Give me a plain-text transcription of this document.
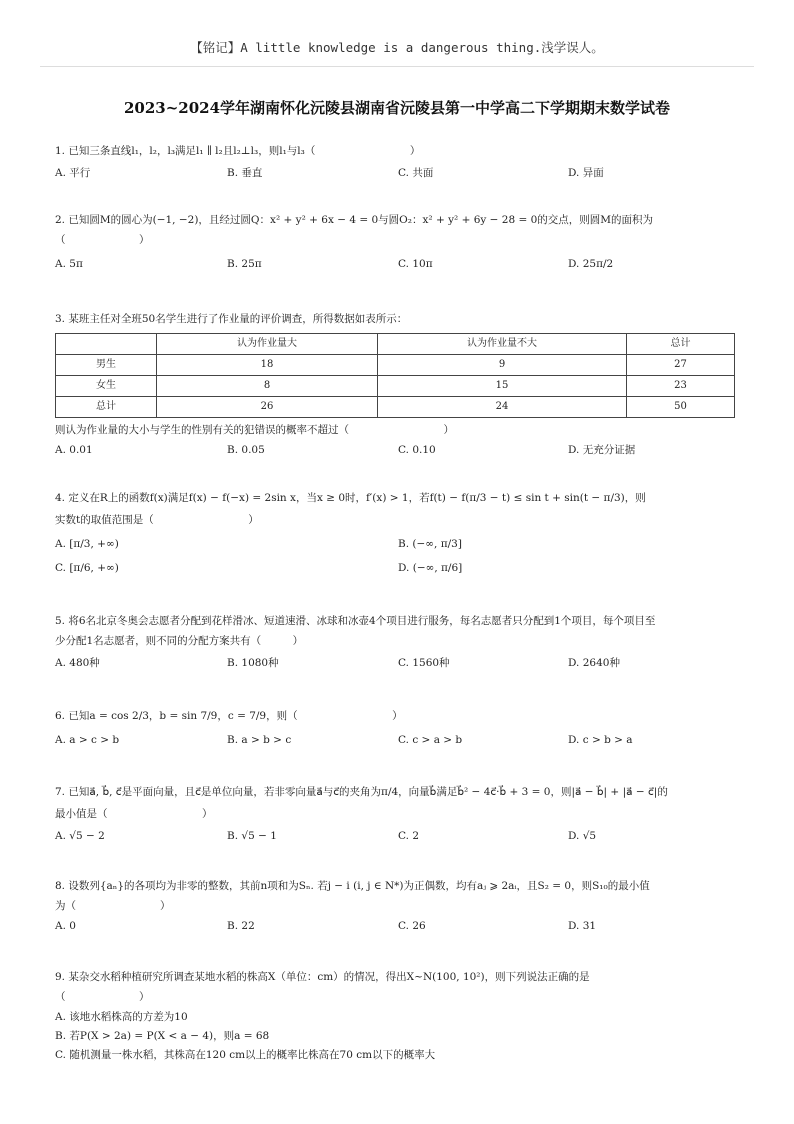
【铭记】A little knowledge is a dangerous thing.浅学误人。
2023~2024学年湖南怀化沅陵县湖南省沅陵县第一中学高二下学期期末数学试卷

1. 已知三条直线l₁，l₂，l₃满足l₁ ∥ l₂且l₂⊥l₃，则l₁与l₃（　　　　　　　　　）

A. 平行	B. 垂直	C. 共面	D. 异面

2. 已知圆M的圆心为(−1, −2)，且经过圆Q：x² + y² + 6x − 4 = 0与圆O₂：x² + y² + 6y − 28 = 0的交点，则圆M的面积为

（　　　　　　　）

A. 5π	B. 25π	C. 10π	D. 25π/2

3. 某班主任对全班50名学生进行了作业量的评价调查，所得数据如表所示：

	认为作业量大	认为作业量不大	总计
男生	18	9	27
女生	8	15	23
总计	26	24	50

则认为作业量的大小与学生的性别有关的犯错误的概率不超过（　　　　　　　　　）

A. 0.01	B. 0.05	C. 0.10	D. 无充分证据

4. 定义在R上的函数f(x)满足f(x) − f(−x) = 2sin x，当x ≥ 0时，f′(x) > 1，若f(t) − f(π/3 − t) ≤ sin t + sin(t − π/3)，则

实数t的取值范围是（　　　　　　　　　）

A. [π/3, +∞)	B. (−∞, π/3]
C. [π/6, +∞)	D. (−∞, π/6]

5. 将6名北京冬奥会志愿者分配到花样滑冰、短道速滑、冰球和冰壶4个项目进行服务，每名志愿者只分配到1个项目，每个项目至

少分配1名志愿者，则不同的分配方案共有（　　　）

A. 480种	B. 1080种	C. 1560种	D. 2640种

6. 已知a = cos 2/3，b = sin 7/9，c = 7/9，则（　　　　　　　　　）

A. a > c > b	B. a > b > c	C. c > a > b	D. c > b > a

7. 已知a⃗, b⃗, c⃗是平面向量，且c⃗是单位向量，若非零向量a⃗与c⃗的夹角为π/4，向量b⃗满足b⃗² − 4c⃗·b⃗ + 3 = 0，则|a⃗ − b⃗| + |a⃗ − c⃗|的

最小值是（　　　　　　　　　）

A. √5 − 2	B. √5 − 1	C. 2	D. √5

8. 设数列{aₙ}的各项均为非零的整数，其前n项和为Sₙ. 若j − i (i, j ∈ N*)为正偶数，均有aⱼ ⩾ 2aᵢ，且S₂ = 0，则S₁₀的最小值

为（　　　　　　　　）

A. 0	B. 22	C. 26	D. 31

9. 某杂交水稻种植研究所调查某地水稻的株高X（单位：cm）的情况，得出X~N(100, 10²)，则下列说法正确的是

（　　　　　　　）

A. 该地水稻株高的方差为10
B. 若P(X > 2a) = P(X < a − 4)，则a = 68
C. 随机测量一株水稻，其株高在120 cm以上的概率比株高在70 cm以下的概率大
